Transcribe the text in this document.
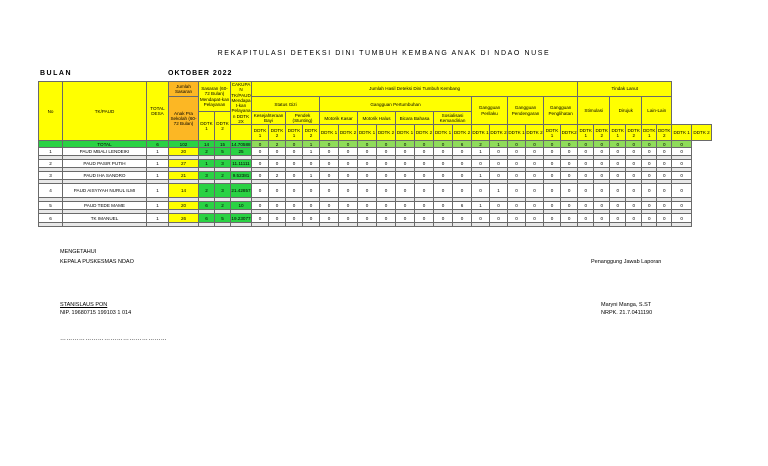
REKAPITULASI DETEKSI DINI TUMBUH KEMBANG ANAK DI NDAO NUSE
BULAN	OKTOBER 2022
No	TK/PAUD	TOTAL DESA	Jumlah Sasaran	Sasaran (60-72 Bulan) Mendapat-kan Pelayanan		CAKUPA N TK/PAUD Mendapa t-kan Pelayana n DDTK 2X	Jumlah Hasil Deteksi Dini Tumbuh Kembang																		Tindak Lanut							
			Anak Pra Sekolah (60-72 Bulan)				Status Gizi				Gangguan Pertumbuhan								Gangguan Perilaku		Gangguan Pendengaran		Gangguan Penglihatan		Stimulasi		Dirujuk		Lain-Lain			
				DDTK 1	DDTK 2		Kesejahteraan Bayi		Pendek (Stunting)		Motorik Kasar		Motorik Halus		Bicara Bahasa		Sosialisasi Kemandirian															
							DDTK 1	DDTK 2	DDTK 1	DDTK 2	DDTK 1	DDTK 2	DDTK 1	DDTK 2	DDTK 1	DDTK 2	DDTK 1	DDTK 2	DDTK 1	DDTK 2	DDTK 1	DDTK 2	DDTK 1	DDTK2	DDTK 1	DDTK 2	DDTK 1	DDTK 2	DDTK 1	DDTK 2	DDTK 1	DDTK 2
	TOTAL	6	102	14	15	14.70588	0	2	0	1	0	0	0	0	0	0	0	6	2	1	0	0	0	0	0	0	0	0	0	0	0	
1	PAUD MBALI LENDEIKI	1	20	2	5	25	0	0	0	1	0	0	0	0	0	0	0	0	1	0	0	0	0	0	0	0	0	0	0	0	0	

2	PAUD PASIR PUTIH	1	27	1	3	11.11111	0	0	0	0	0	0	0	0	0	0	0	0	0	0	0	0	0	0	0	0	0	0	0	0	0	

3	PAUD IHA SANDRO	1	21	3	2	9.52381	0	2	0	1	0	0	0	0	0	0	0	0	1	0	0	0	0	0	0	0	0	0	0	0	0	

4	PAUD AISYIYAH NURUL ILMI	1	14	2	3	21.42857	0	0	0	0	0	0	0	0	0	0	0	0	0	1	0	0	0	0	0	0	0	0	0	0	0	

5	PAUD TEDE MAME	1	20	6	2	10	0	0	0	0	0	0	0	0	0	0	0	6	1	0	0	0	0	0	0	0	0	0	0	0	0	

6	TK IMANUEL	1	26	6	5	19.23077	0	0	0	0	0	0	0	0	0	0	0	0	0	0	0	0	0	0	0	0	0	0	0	0	0	

MENGETAHUI
KEPALA PUSKESMAS NDAO	Penanggung Jawab Laporan
STANISLAUS PON
NIP. 19680715 199103 1 014
Maryni Manga, S.ST
NRPK. 21.7.0411190
……………………………………………
